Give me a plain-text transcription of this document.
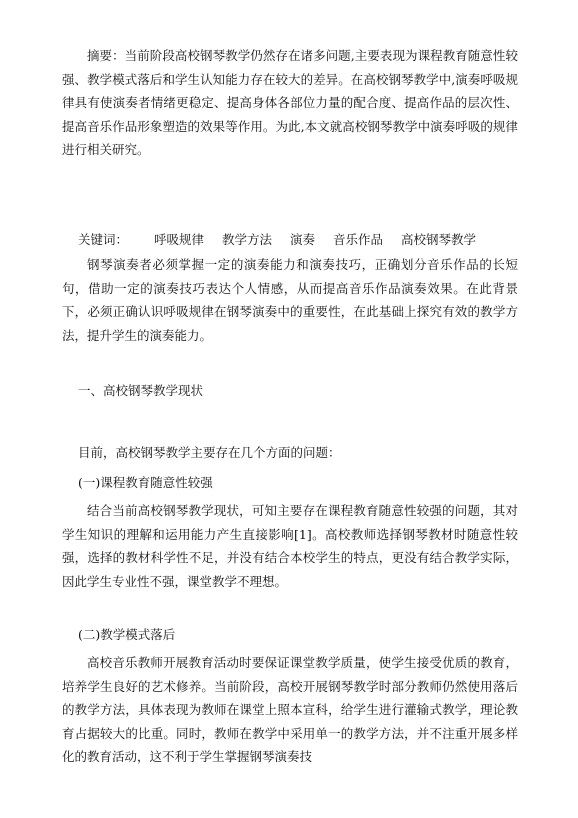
摘要：当前阶段高校钢琴教学仍然存在诸多问题,主要表现为课程教育随意性较强、教学模式落后和学生认知能力存在较大的差异。在高校钢琴教学中,演奏呼吸规律具有使演奏者情绪更稳定、提高身体各部位力量的配合度、提高作品的层次性、提高音乐作品形象塑造的效果等作用。为此,本文就高校钢琴教学中演奏呼吸的规律进行相关研究。

关键词： 呼吸规律 教学方法 演奏 音乐作品 高校钢琴教学

钢琴演奏者必须掌握一定的演奏能力和演奏技巧，正确划分音乐作品的长短句，借助一定的演奏技巧表达个人情感，从而提高音乐作品演奏效果。在此背景下，必须正确认识呼吸规律在钢琴演奏中的重要性，在此基础上探究有效的教学方法，提升学生的演奏能力。

一、高校钢琴教学现状

目前，高校钢琴教学主要存在几个方面的问题：

(一)课程教育随意性较强

结合当前高校钢琴教学现状，可知主要存在课程教育随意性较强的问题，其对学生知识的理解和运用能力产生直接影响[1]。高校教师选择钢琴教材时随意性较强，选择的教材科学性不足，并没有结合本校学生的特点，更没有结合教学实际，因此学生专业性不强，课堂教学不理想。

(二)教学模式落后

高校音乐教师开展教育活动时要保证课堂教学质量，使学生接受优质的教育，培养学生良好的艺术修养。当前阶段，高校开展钢琴教学时部分教师仍然使用落后的教学方法，具体表现为教师在课堂上照本宣科，给学生进行灌输式教学，理论教育占据较大的比重。同时，教师在教学中采用单一的教学方法，并不注重开展多样化的教育活动，这不利于学生掌握钢琴演奏技
